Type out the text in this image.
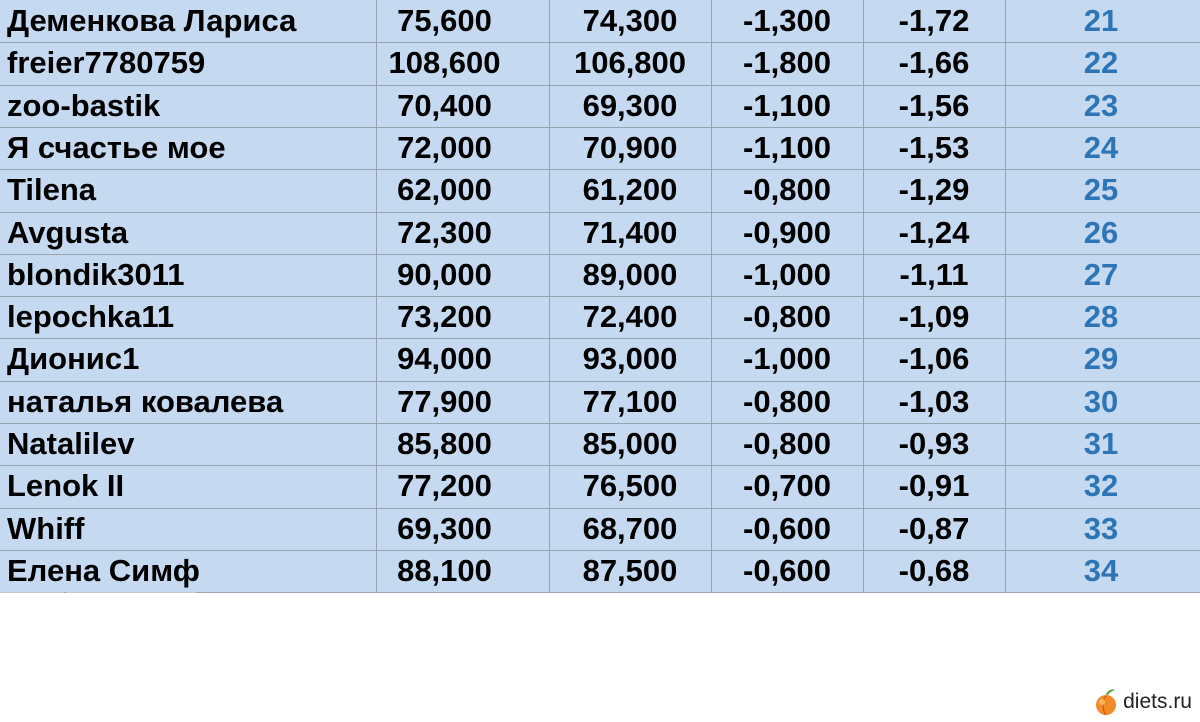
Деменкова Лариса	75,600	74,300	-1,300	-1,72	21
freier7780759	108,600	106,800	-1,800	-1,66	22
zoo-bastik	70,400	69,300	-1,100	-1,56	23
Я счастье мое	72,000	70,900	-1,100	-1,53	24
Tilena	62,000	61,200	-0,800	-1,29	25
Avgusta	72,300	71,400	-0,900	-1,24	26
blondik3011	90,000	89,000	-1,000	-1,11	27
lepochka11	73,200	72,400	-0,800	-1,09	28
Дионис1	94,000	93,000	-1,000	-1,06	29
наталья ковалева	77,900	77,100	-0,800	-1,03	30
Natalilev	85,800	85,000	-0,800	-0,93	31
Lenok II	77,200	76,500	-0,700	-0,91	32
Whiff	69,300	68,700	-0,600	-0,87	33
Елена Симф	88,100	87,500	-0,600	-0,68	34
diets.ru
